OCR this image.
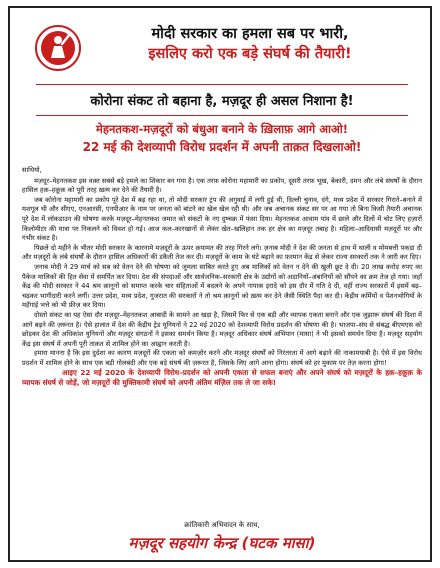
मोदी सरकार का हमला सब पर भारी,
इसलिए करो एक बड़े संघर्ष की तैयारी!
कोरोना संकट तो बहाना है, मज़दूर ही असल निशाना है!
मेहनतकश-मज़दूरों को बंधुआ बनाने के ख़िलाफ़ आगे आओ!
22 मई की देशव्यापी विरोध प्रदर्शन में अपनी ताक़त दिखलाओ!

साथियो,

मज़दूर–मेहनतकश इस वक़्त सबसे बड़े हमले का शिकार बन गया है। एक तरफ़ कोरोना महामारी का प्रकोप, दूसरी तरफ़ भूख, बेकारी, दमन और लंबे संघर्षों के दौरान हासिल हक़–हक़ूक़ को पूरी तरह ख़त्म कर देने की तैयारी है।

जब कोरोना महामारी का प्रकोप पूरे देश में बढ़ रहा था, तो मोदी सरकार ट्रंप की अगुवाई में लगी हुई थी, दिल्ली चुनाव, दंगे, मध्य प्रदेश में सरकार गिराने–बनाने में मशगूल थी और सीएए, एनआरसी, एनपीआर के नाम पर जनता को बांटने का खेल खेल रही थी। और जब अचानक संकट सर पर आ गया तो बिना किसी तैयारी अचानक पूरे देश में लॉकडाउन की घोषणा करके मज़दूर–मेहनतकश जमात को संकटों के नए दुष्चक्र में फंसा दिया। मेहनतकश आवाम पांव में छाले और दिलों में चोट लिए हज़ारों किलोमीटर की यात्रा पर निकलने को विवश हो गई। आज कल–कारखानों से लेकर खेत–खलिहान तक हर क्षेत्र का मज़दूर तबाह है। महिला–आदिवासी मज़दूरों पर और गंभीर संकट है।

पिछले दो महीने के भीतर मोदी सरकार के कारनामे मज़दूरों के ऊपर क़यामत की तरह गिरने लगे। ज़नाब मोदी ने देश की जनता से हाथ में थाली व मोमबत्ती पकड़ा दी और मज़दूरों के लंबे संघर्षों के दौरान हासिल अधिकारों की डकैती तेज कर दी। मज़दूरों के काम के घंटे बढ़ाने का फ़रमान केंद्र से लेकर राज्य सरकारों तक ने जारी कर दिए।

ज़नाब मोदी ने 29 मार्च को सब को वेतन देने की घोषणा को जुमला साबित करते हुए अब मालिकों को वेतन न देने की खुली छूट दे दी। 20 लाख करोड़ रुपए का पैकेज मालिकों की हित सेवा में समर्पित कर दिया। देश की संपदाओं और सार्वजनिक–सरकारी क्षेत्र के उद्योगों को अडानियों–अंबानियों को सौंपने का क्रम तेज हो गया। जहाँ केंद्र की मोदी सरकार ने 44 श्रम क़ानूनों को समाप्त करके चार संहिताओं में बदलने के अपने नापाक इरादे को इस दौर में गति दे दी, वहीं राज्य सरकारों में इसमें बढ़–चढ़कर भागीदारी करने लगीं। उत्तर प्रदेश, मध्य प्रदेश, गुजरात की सरकारों ने तो श्रम क़ानूनों को ख़त्म कर देने जैसी स्थिति पैदा कर दी। केंद्रीय कर्मियों व पेंशनभोगियों के महँगाई भत्ते को भी फ्रीज़ कर दिया।

दोस्तो संकट का यह ऐसा दौर मज़दूर–मेहनतकश आबादी के सामने आ खड़ा है, जिसमें फिर से एक बड़ी और व्यापक एकता बनाने और एक जुझारू संघर्ष की दिशा में आगे बढ़ने की ज़रूरत है। ऐसे हालात में देश की केंद्रीय ट्रेड यूनियनों ने 22 मई 2020 को देशव्यापी विरोध प्रदर्शन की घोषणा की है। भाजपा–संघ से संबद्ध बीएमएस को छोड़कर देश की अधिकांश यूनियनों और मज़दूर संगठनों ने इसका समर्थन किया है। मज़दूर अधिकार संघर्ष अभियान (मासा) ने भी इसको समर्थन दिया है। मज़दूर सहयोग केंद्र इस संघर्ष में अपनी पूरी ताक़त से शामिल होने का आह्वान करती है।

हमारा मानना है कि इस दुर्दशा का कारण मज़दूरों की एकता को कमज़ोर करने और मज़दूर संघर्षों को निरंतरता में आगे बढ़ाने की नाकामयाबी है। ऐसे में इस विरोध प्रदर्शन में शामिल होने के साथ एक बड़ी गोलबंदी और एक बड़े संघर्ष की ज़रूरत है, जिसके लिए आगे आना होगा। संघर्ष को हर मुकाम पर तेज़ करना होगा!

आइए 22 मई 2020 के देशव्यापी विरोध–प्रदर्शन को अपनी एकता से सफल बनाएं और अपने संघर्ष को मज़दूरों के हक़–हक़ूक़ के व्यापक संघर्ष से जोड़ें, जो मज़दूरों की मुक्तिकामी संघर्ष को अपनी अंतिम मंज़िल तक ले जा सके!

क्रांतिकारी अभिवादन के साथ,
मज़दूर सहयोग केन्द्र (घटक मासा)
